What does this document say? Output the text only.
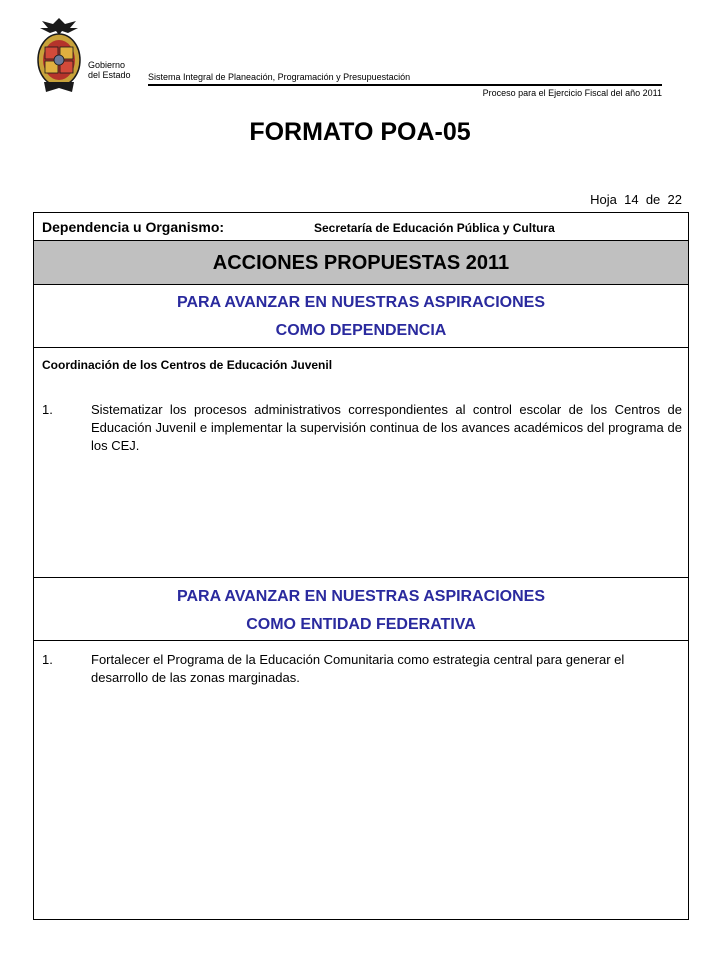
Gobierno
del Estado Sistema Integral de Planeación, Programación y Presupuestación
Proceso para el Ejercicio Fiscal del año 2011
FORMATO POA-05
Hoja 14 de 22
Dependencia u Organismo:	Secretaría de Educación Pública y Cultura
ACCIONES PROPUESTAS 2011
PARA AVANZAR EN NUESTRAS ASPIRACIONES
COMO DEPENDENCIA
Coordinación de los Centros de Educación Juvenil
1.	Sistematizar los procesos administrativos correspondientes al control escolar de los Centros de Educación Juvenil e implementar la supervisión continua de los avances académicos del programa de los CEJ.
PARA AVANZAR EN NUESTRAS ASPIRACIONES
COMO ENTIDAD FEDERATIVA
1.	Fortalecer el Programa de la Educación Comunitaria como estrategia central para generar el desarrollo de las zonas marginadas.
